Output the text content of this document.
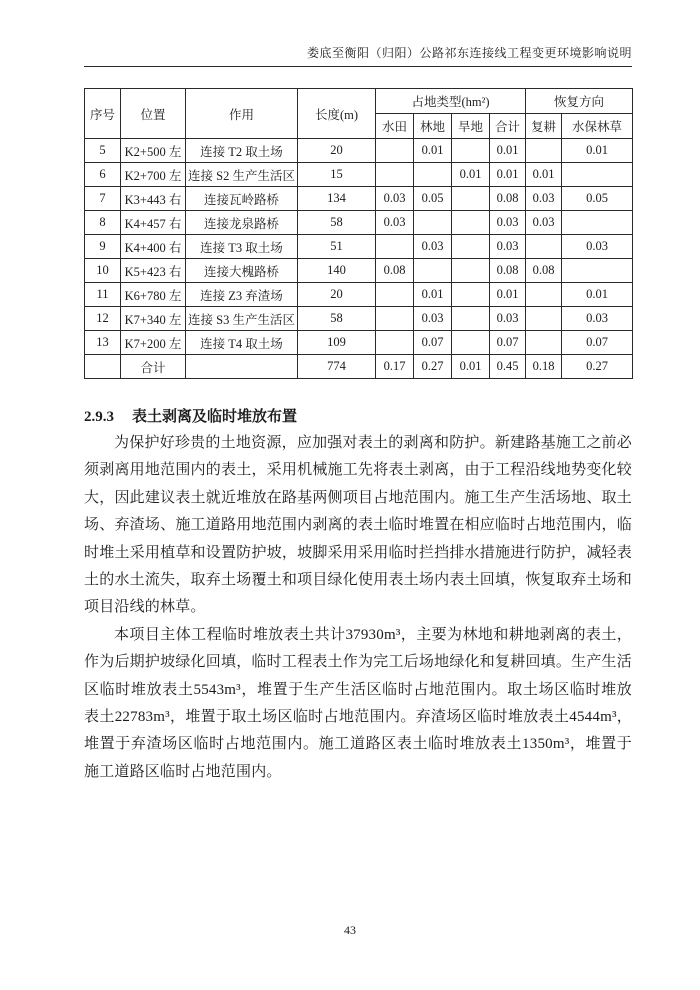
娄底至衡阳（归阳）公路祁东连接线工程变更环境影响说明
序号	位置	作用	长度(m)	占地类型(hm²)				恢复方向	
				水田	林地	旱地	合计	复耕	水保林草
5	K2+500 左	连接 T2 取土场	20		0.01		0.01		0.01
6	K2+700 左	连接 S2 生产生活区	15			0.01	0.01	0.01	
7	K3+443 右	连接瓦岭路桥	134	0.03	0.05		0.08	0.03	0.05
8	K4+457 右	连接龙泉路桥	58	0.03			0.03	0.03	
9	K4+400 右	连接 T3 取土场	51		0.03		0.03		0.03
10	K5+423 右	连接大槐路桥	140	0.08			0.08	0.08	
11	K6+780 左	连接 Z3 弃渣场	20		0.01		0.01		0.01
12	K7+340 左	连接 S3 生产生活区	58		0.03		0.03		0.03
13	K7+200 左	连接 T4 取土场	109		0.07		0.07		0.07
	合计		774	0.17	0.27	0.01	0.45	0.18	0.27
2.9.3 表土剥离及临时堆放布置

为保护好珍贵的土地资源，应加强对表土的剥离和防护。新建路基施工之前必须剥离用地范围内的表土，采用机械施工先将表土剥离，由于工程沿线地势变化较大，因此建议表土就近堆放在路基两侧项目占地范围内。施工生产生活场地、取土场、弃渣场、施工道路用地范围内剥离的表土临时堆置在相应临时占地范围内，临时堆土采用植草和设置防护坡，坡脚采用采用临时拦挡排水措施进行防护，减轻表土的水土流失，取弃土场覆土和项目绿化使用表土场内表土回填，恢复取弃土场和项目沿线的林草。

本项目主体工程临时堆放表土共计37930m³，主要为林地和耕地剥离的表土，作为后期护坡绿化回填，临时工程表土作为完工后场地绿化和复耕回填。生产生活区临时堆放表土5543m³，堆置于生产生活区临时占地范围内。取土场区临时堆放表土22783m³，堆置于取土场区临时占地范围内。弃渣场区临时堆放表土4544m³，堆置于弃渣场区临时占地范围内。施工道路区表土临时堆放表土1350m³，堆置于施工道路区临时占地范围内。

43
